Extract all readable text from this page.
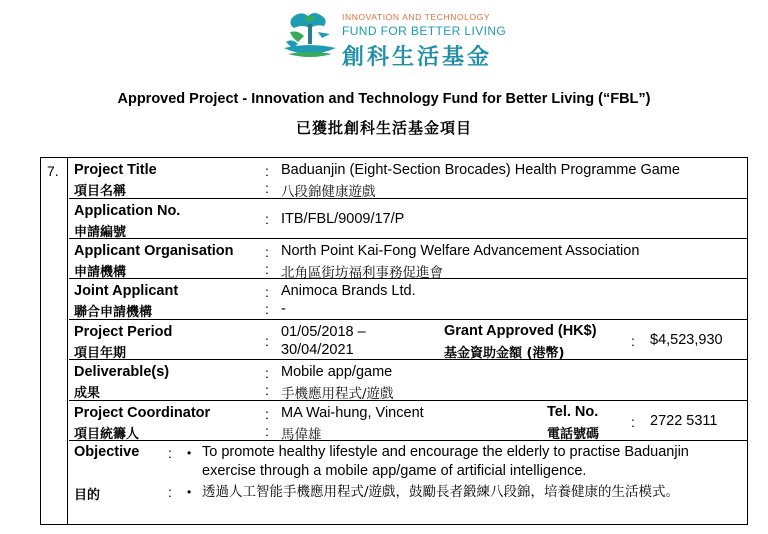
INNOVATION AND TECHNOLOGY
FUND FOR BETTER LIVING
創科生活基金
Approved Project - Innovation and Technology Fund for Better Living (“FBL”)
已獲批創科生活基金項目
7. Project Title
項目名稱
:
:
Baduanjin (Eight-Section Brocades) Health Programme Game
八段錦健康遊戲
Application No.
申請編號
: ITB/FBL/9009/17/P
Applicant Organisation
申請機構
:
:
North Point Kai-Fong Welfare Advancement Association
北角區街坊福利事務促進會
Joint Applicant
聯合申請機構
:
:
Animoca Brands Ltd.
-
Project Period
項目年期
:
01/05/2018 –
30/04/2021
Grant Approved (HK$)
基金資助金額 (港幣)
: $4,523,930
Deliverable(s)
成果
:
:
Mobile app/game
手機應用程式/遊戲
Project Coordinator
項目統籌人
:
:
MA Wai-hung, Vincent
馬偉雄
Tel. No.
電話號碼
: 2722 5311
Objective
目的
:
:
•
•
To promote healthy lifestyle and encourage the elderly to practise Baduanjin exercise through a mobile app/game of artificial intelligence.
透過人工智能手機應用程式/遊戲，鼓勵長者鍛練八段錦，培養健康的生活模式。
